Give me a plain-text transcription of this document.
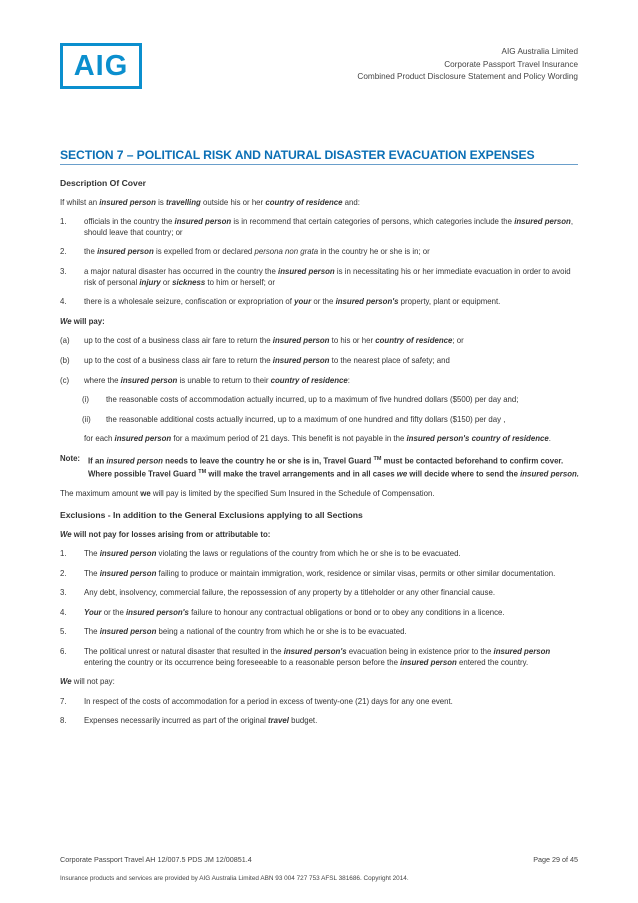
AIG	AIG Australia Limited
Corporate Passport Travel Insurance
Combined Product Disclosure Statement and Policy Wording
SECTION 7 – POLITICAL RISK AND NATURAL DISASTER EVACUATION EXPENSES
Description Of Cover
If whilst an insured person is travelling outside his or her country of residence and:
1.	officials in the country the insured person is in recommend that certain categories of persons, which categories include the insured person, should leave that country; or
2.	the insured person is expelled from or declared persona non grata in the country he or she is in; or
3.	a major natural disaster has occurred in the country the insured person is in necessitating his or her immediate evacuation in order to avoid risk of personal injury or sickness to him or herself; or
4.	there is a wholesale seizure, confiscation or expropriation of your or the insured person's property, plant or equipment.
We will pay:
(a)	up to the cost of a business class air fare to return the insured person to his or her country of residence; or
(b)	up to the cost of a business class air fare to return the insured person to the nearest place of safety; and
(c)	where the insured person is unable to return to their country of residence:
(i)	the reasonable costs of accommodation actually incurred, up to a maximum of five hundred dollars ($500) per day and;
(ii)	the reasonable additional costs actually incurred, up to a maximum of one hundred and fifty dollars ($150) per day ,
for each insured person for a maximum period of 21 days. This benefit is not payable in the insured person's country of residence.
Note:	If an insured person needs to leave the country he or she is in, Travel Guard ™ must be contacted beforehand to confirm cover. Where possible Travel Guard ™ will make the travel arrangements and in all cases we will decide where to send the insured person.
The maximum amount we will pay is limited by the specified Sum Insured in the Schedule of Compensation.
Exclusions - In addition to the General Exclusions applying to all Sections
We will not pay for losses arising from or attributable to:
1.	The insured person violating the laws or regulations of the country from which he or she is to be evacuated.
2.	The insured person failing to produce or maintain immigration, work, residence or similar visas, permits or other similar documentation.
3.	Any debt, insolvency, commercial failure, the repossession of any property by a titleholder or any other financial cause.
4.	Your or the insured person's failure to honour any contractual obligations or bond or to obey any conditions in a licence.
5.	The insured person being a national of the country from which he or she is to be evacuated.
6.	The political unrest or natural disaster that resulted in the insured person's evacuation being in existence prior to the insured person entering the country or its occurrence being foreseeable to a reasonable person before the insured person entered the country.
We will not pay:
7.	In respect of the costs of accommodation for a period in excess of twenty-one (21) days for any one event.
8.	Expenses necessarily incurred as part of the original travel budget.
Corporate Passport Travel AH 12/007.5 PDS JM 12/00851.4	Page 29 of 45
Insurance products and services are provided by AIG Australia Limited ABN 93 004 727 753 AFSL 381686. Copyright 2014.
